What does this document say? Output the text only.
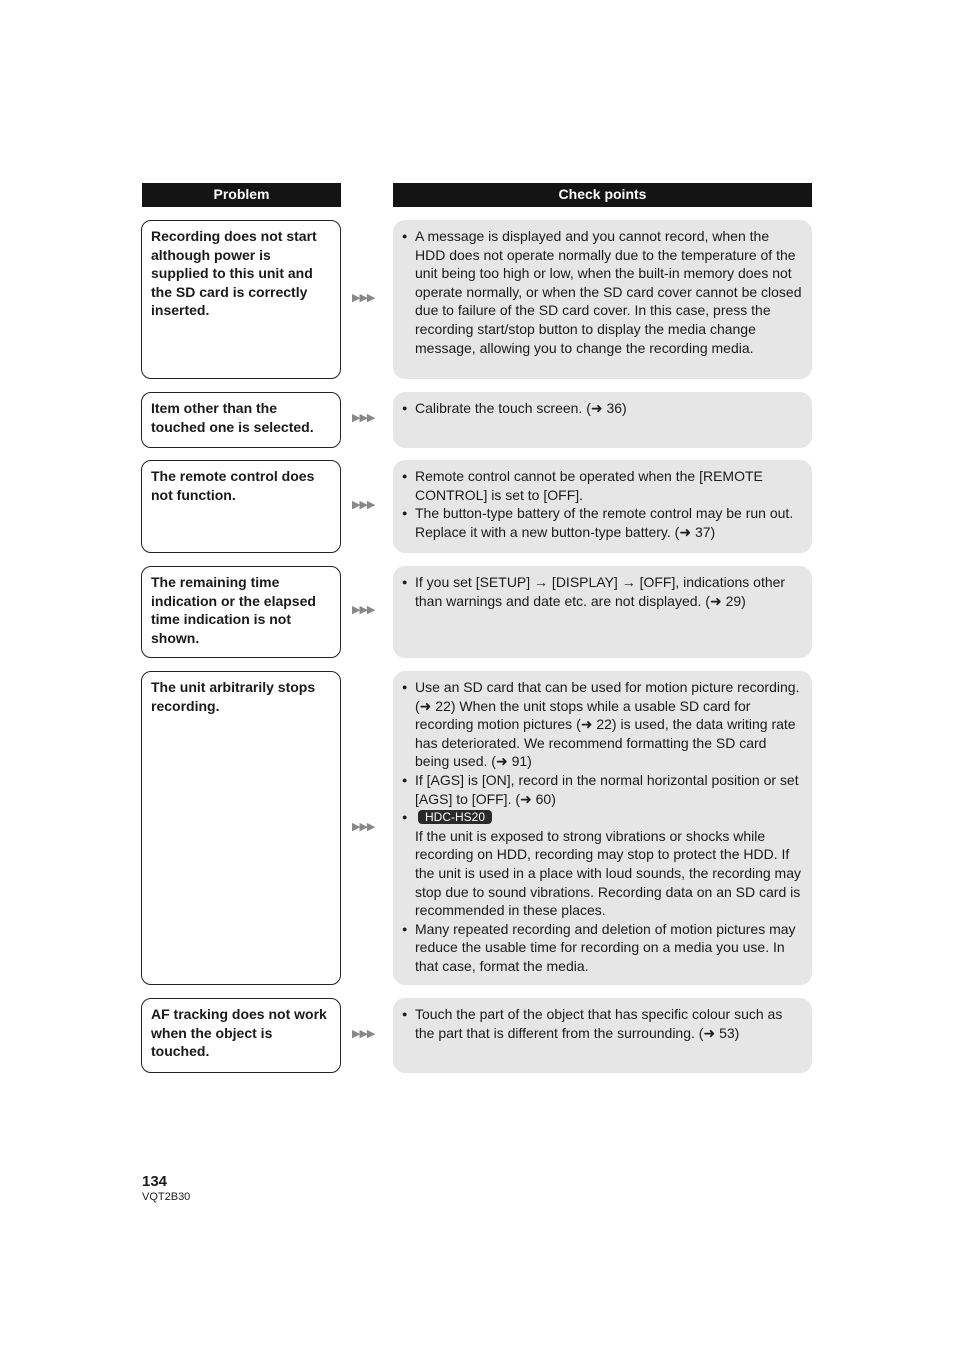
Problem	Check points
Recording does not start although power is supplied to this unit and the SD card is correctly inserted.
▶▶▶

● A message is displayed and you cannot record, when the HDD does not operate normally due to the temperature of the unit being too high or low, when the built-in memory does not operate normally, or when the SD card cover cannot be closed due to failure of the SD card cover. In this case, press the recording start/stop button to display the media change message, allowing you to change the recording media.

Item other than the touched one is selected.
▶▶▶

● Calibrate the touch screen. (➜ 36)

The remote control does not function.
▶▶▶

● Remote control cannot be operated when the [REMOTE CONTROL] is set to [OFF].

● The button-type battery of the remote control may be run out. Replace it with a new button-type battery. (➜ 37)

The remaining time indication or the elapsed time indication is not shown.
▶▶▶

● If you set [SETUP] → [DISPLAY] → [OFF], indications other than warnings and date etc. are not displayed. (➜ 29)

The unit arbitrarily stops recording.
▶▶▶

● Use an SD card that can be used for motion picture recording. (➜ 22) When the unit stops while a usable SD card for recording motion pictures (➜ 22) is used, the data writing rate has deteriorated. We recommend formatting the SD card being used. (➜ 91)

● If [AGS] is [ON], record in the normal horizontal position or set [AGS] to [OFF]. (➜ 60)

● HDC-HS20
If the unit is exposed to strong vibrations or shocks while recording on HDD, recording may stop to protect the HDD. If the unit is used in a place with loud sounds, the recording may stop due to sound vibrations. Recording data on an SD card is recommended in these places.

● Many repeated recording and deletion of motion pictures may reduce the usable time for recording on a media you use. In that case, format the media.

AF tracking does not work when the object is touched.
▶▶▶

● Touch the part of the object that has specific colour such as the part that is different from the surrounding. (➜ 53)

134
VQT2B30
